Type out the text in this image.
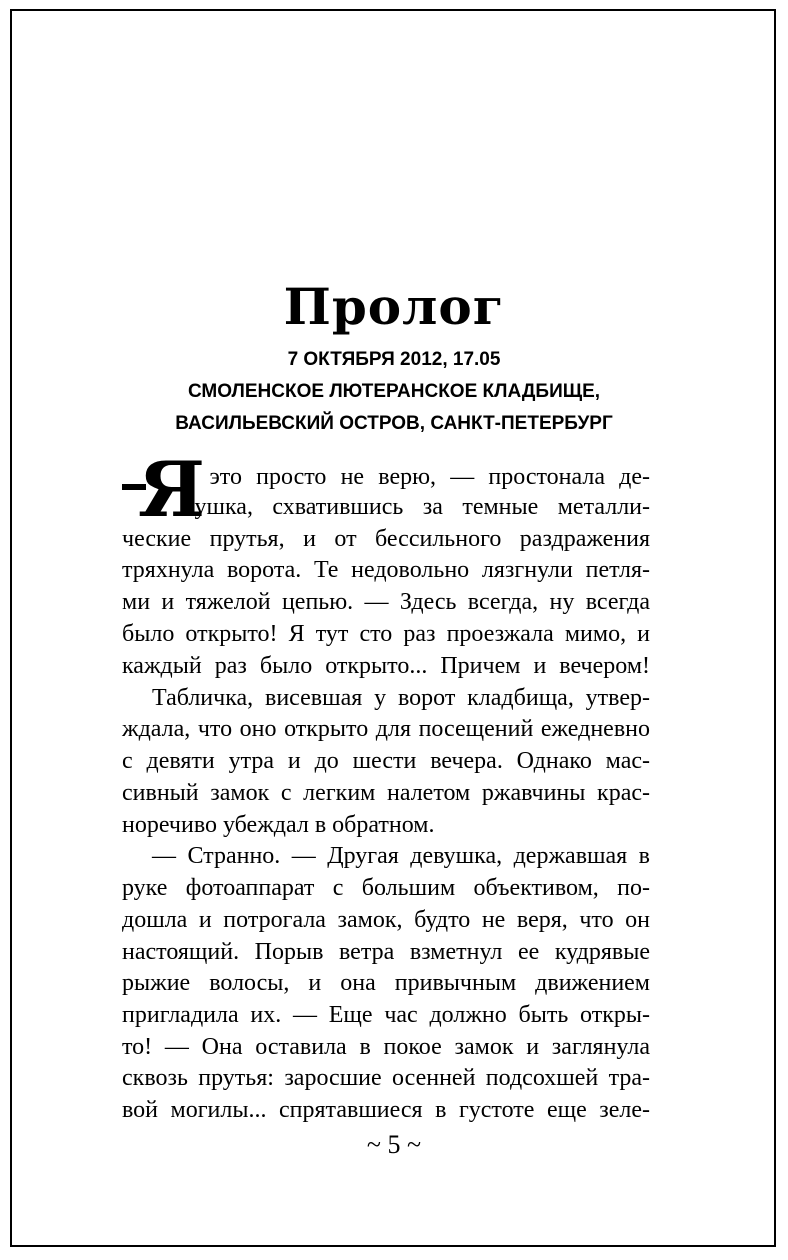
Пролог
7 ОКТЯБРЯ 2012, 17.05
СМОЛЕНСКОЕ ЛЮТЕРАНСКОЕ КЛАДБИЩЕ,
ВАСИЛЬЕВСКИЙ ОСТРОВ, САНКТ-ПЕТЕРБУРГ
Я
в это просто не верю, — простонала де-
вушка, схватившись за темные металли-
ческие прутья, и от бессильного раздражения
тряхнула ворота. Те недовольно лязгнули петля-
ми и тяжелой цепью. — Здесь всегда, ну всегда
было открыто! Я тут сто раз проезжала мимо, и
каждый раз было открыто... Причем и вечером!
Табличка, висевшая у ворот кладбища, утвер-
ждала, что оно открыто для посещений ежедневно
с девяти утра и до шести вечера. Однако мас-
сивный замок с легким налетом ржавчины крас-
норечиво убеждал в обратном.
— Странно. — Другая девушка, державшая в
руке фотоаппарат с большим объективом, по-
дошла и потрогала замок, будто не веря, что он
настоящий. Порыв ветра взметнул ее кудрявые
рыжие волосы, и она привычным движением
пригладила их. — Еще час должно быть откры-
то! — Она оставила в покое замок и заглянула
сквозь прутья: заросшие осенней подсохшей тра-
вой могилы... спрятавшиеся в густоте еще зеле-
~ 5 ~
